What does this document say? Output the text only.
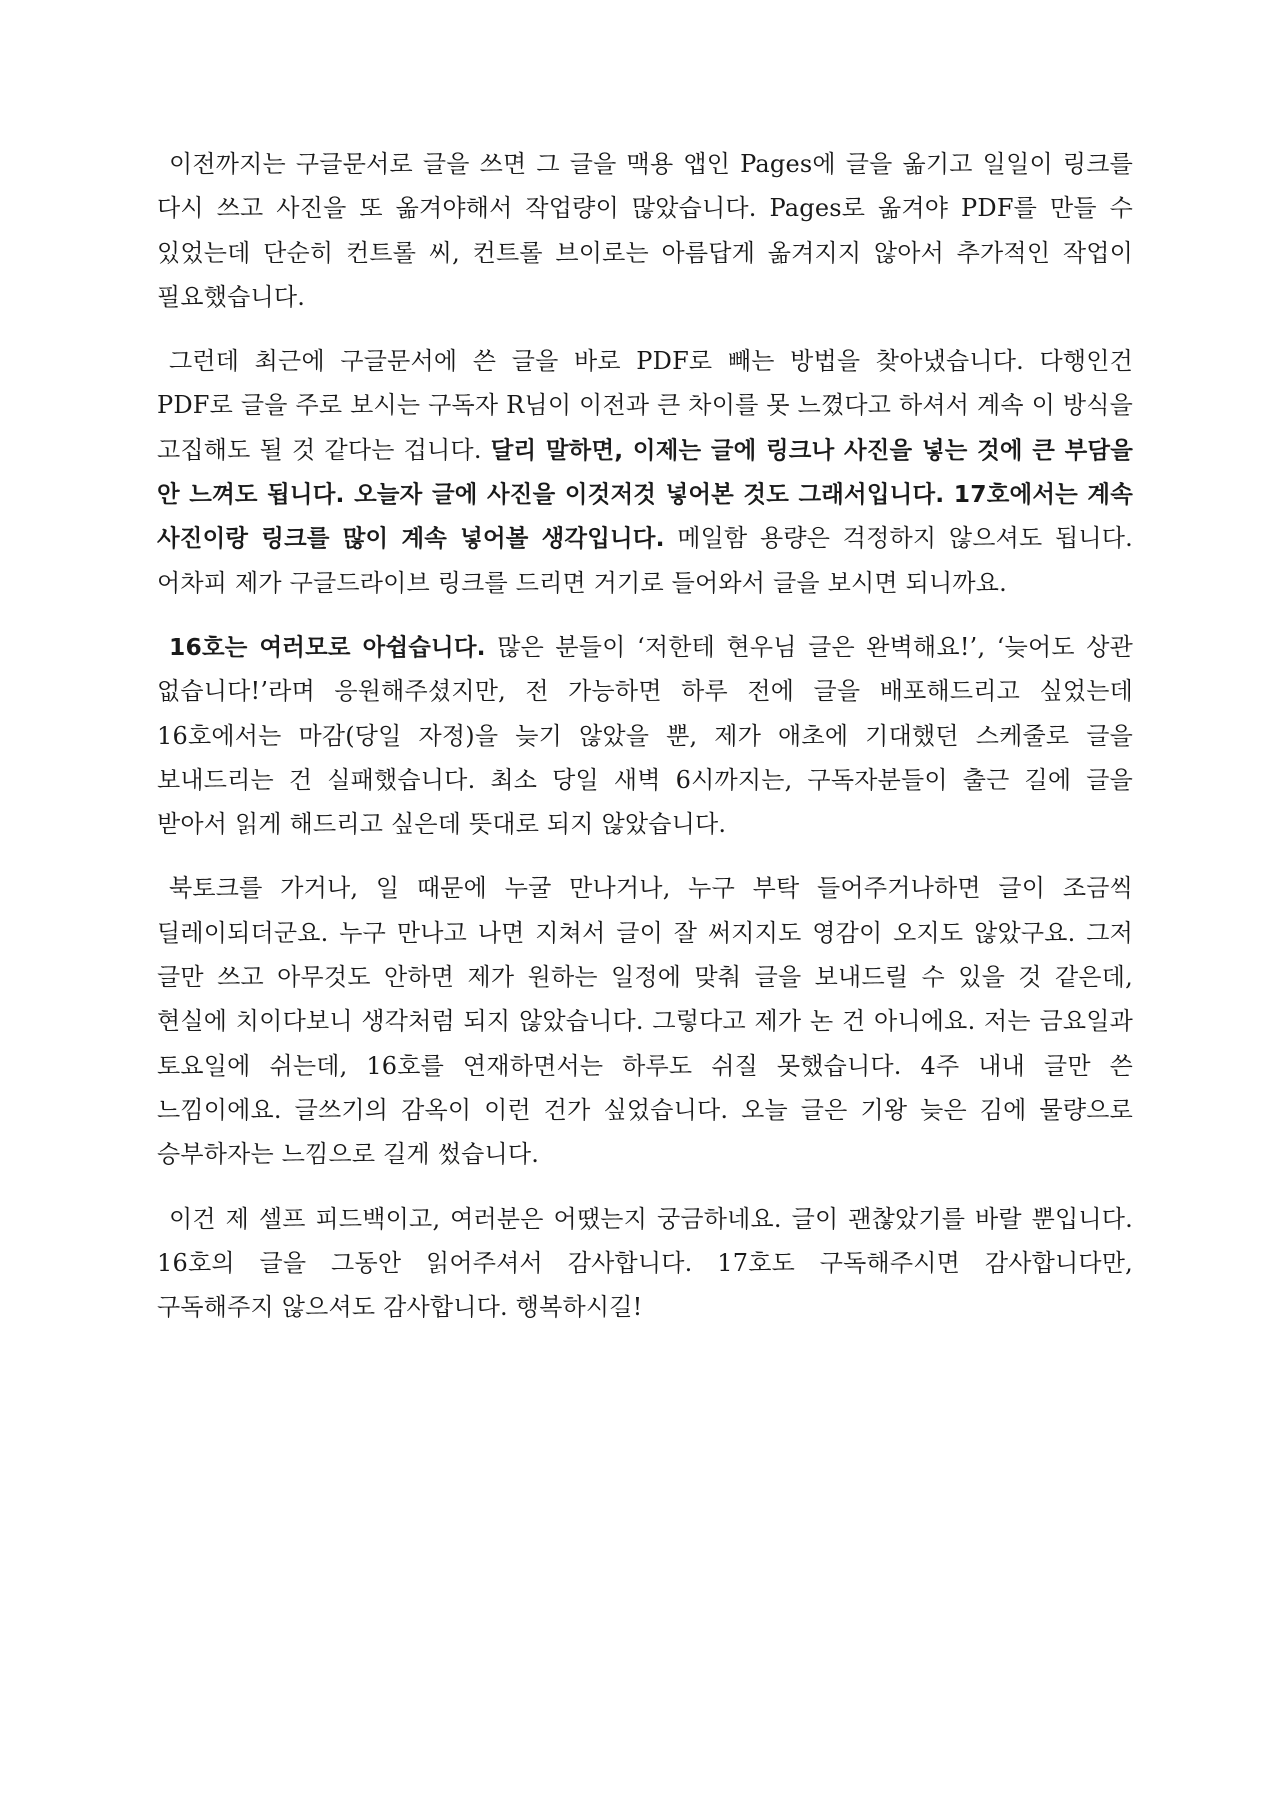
이전까지는 구글문서로 글을 쓰면 그 글을 맥용 앱인 Pages에 글을 옮기고 일일이 링크를 다시 쓰고 사진을 또 옮겨야해서 작업량이 많았습니다. Pages로 옮겨야 PDF를 만들 수 있었는데 단순히 컨트롤 씨, 컨트롤 브이로는 아름답게 옮겨지지 않아서 추가적인 작업이 필요했습니다.

그런데 최근에 구글문서에 쓴 글을 바로 PDF로 빼는 방법을 찾아냈습니다. 다행인건 PDF로 글을 주로 보시는 구독자 R님이 이전과 큰 차이를 못 느꼈다고 하셔서 계속 이 방식을 고집해도 될 것 같다는 겁니다. 달리 말하면, 이제는 글에 링크나 사진을 넣는 것에 큰 부담을 안 느껴도 됩니다. 오늘자 글에 사진을 이것저것 넣어본 것도 그래서입니다. 17호에서는 계속 사진이랑 링크를 많이 계속 넣어볼 생각입니다. 메일함 용량은 걱정하지 않으셔도 됩니다. 어차피 제가 구글드라이브 링크를 드리면 거기로 들어와서 글을 보시면 되니까요.

16호는 여러모로 아쉽습니다. 많은 분들이 ‘저한테 현우님 글은 완벽해요!’, ‘늦어도 상관 없습니다!’라며 응원해주셨지만, 전 가능하면 하루 전에 글을 배포해드리고 싶었는데 16호에서는 마감(당일 자정)을 늦기 않았을 뿐, 제가 애초에 기대했던 스케줄로 글을 보내드리는 건 실패했습니다. 최소 당일 새벽 6시까지는, 구독자분들이 출근 길에 글을 받아서 읽게 해드리고 싶은데 뜻대로 되지 않았습니다.

북토크를 가거나, 일 때문에 누굴 만나거나, 누구 부탁 들어주거나하면 글이 조금씩 딜레이되더군요. 누구 만나고 나면 지쳐서 글이 잘 써지지도 영감이 오지도 않았구요. 그저 글만 쓰고 아무것도 안하면 제가 원하는 일정에 맞춰 글을 보내드릴 수 있을 것 같은데, 현실에 치이다보니 생각처럼 되지 않았습니다. 그렇다고 제가 논 건 아니에요. 저는 금요일과 토요일에 쉬는데, 16호를 연재하면서는 하루도 쉬질 못했습니다. 4주 내내 글만 쓴 느낌이에요. 글쓰기의 감옥이 이런 건가 싶었습니다. 오늘 글은 기왕 늦은 김에 물량으로 승부하자는 느낌으로 길게 썼습니다.

이건 제 셀프 피드백이고, 여러분은 어땠는지 궁금하네요. 글이 괜찮았기를 바랄 뿐입니다. 16호의 글을 그동안 읽어주셔서 감사합니다. 17호도 구독해주시면 감사합니다만, 구독해주지 않으셔도 감사합니다. 행복하시길!
